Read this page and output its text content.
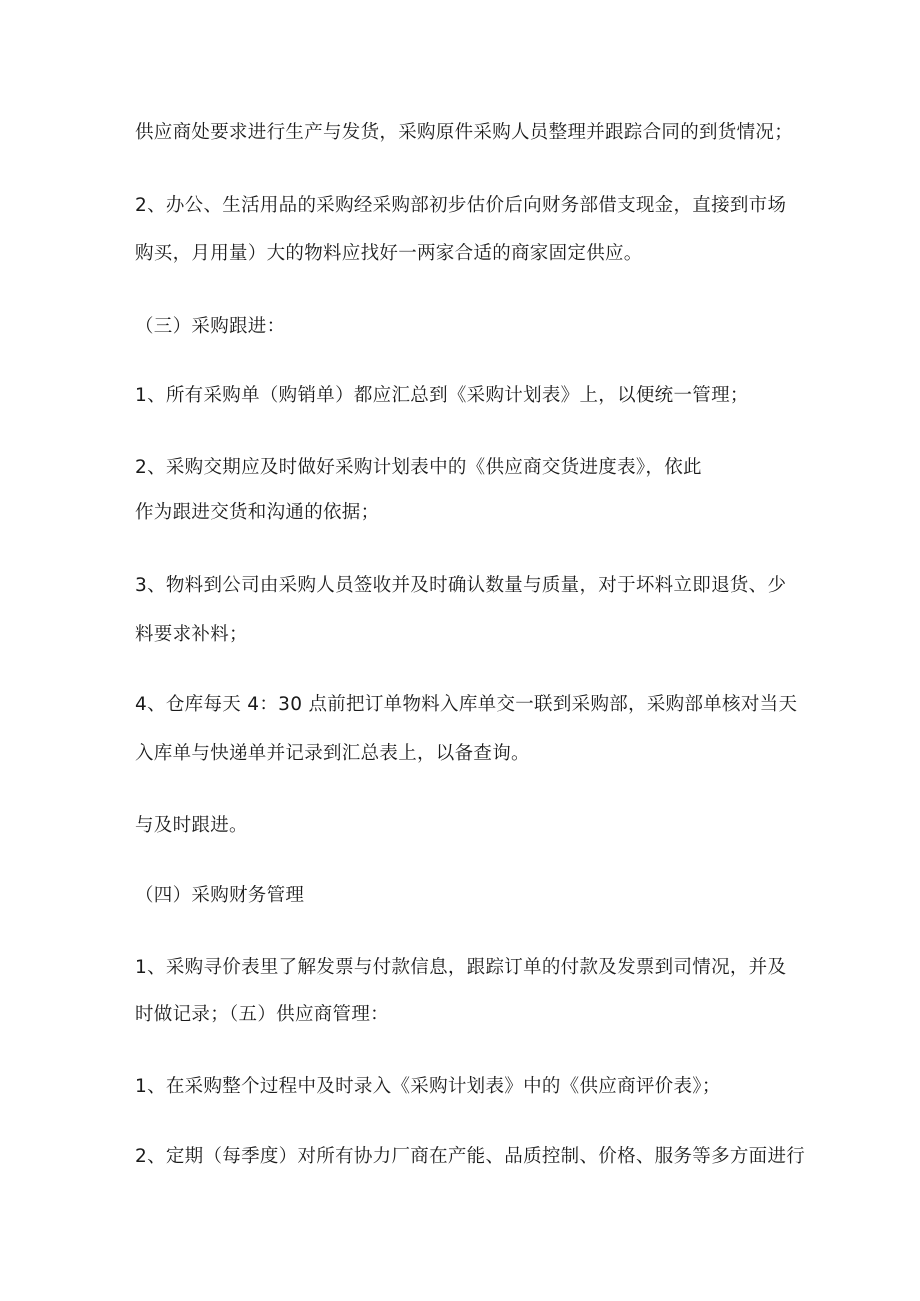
供应商处要求进行生产与发货，采购原件采购人员整理并跟踪合同的到货情况；
2、办公、生活用品的采购经采购部初步估价后向财务部借支现金，直接到市场
购买，月用量）大的物料应找好一两家合适的商家固定供应。
（三）采购跟进：
1、所有采购单（购销单）都应汇总到《采购计划表》上，以便统一管理；
2、采购交期应及时做好采购计划表中的《供应商交货进度表》，依此
作为跟进交货和沟通的依据；
3、物料到公司由采购人员签收并及时确认数量与质量，对于坏料立即退货、少
料要求补料；
4、仓库每天 4：30 点前把订单物料入库单交一联到采购部，采购部单核对当天
入库单与快递单并记录到汇总表上，以备查询。
与及时跟进。
（四）采购财务管理
1、采购寻价表里了解发票与付款信息，跟踪订单的付款及发票到司情况，并及
时做记录；（五）供应商管理：
1、在采购整个过程中及时录入《采购计划表》中的《供应商评价表》；
2、定期（每季度）对所有协力厂商在产能、品质控制、价格、服务等多方面进行
